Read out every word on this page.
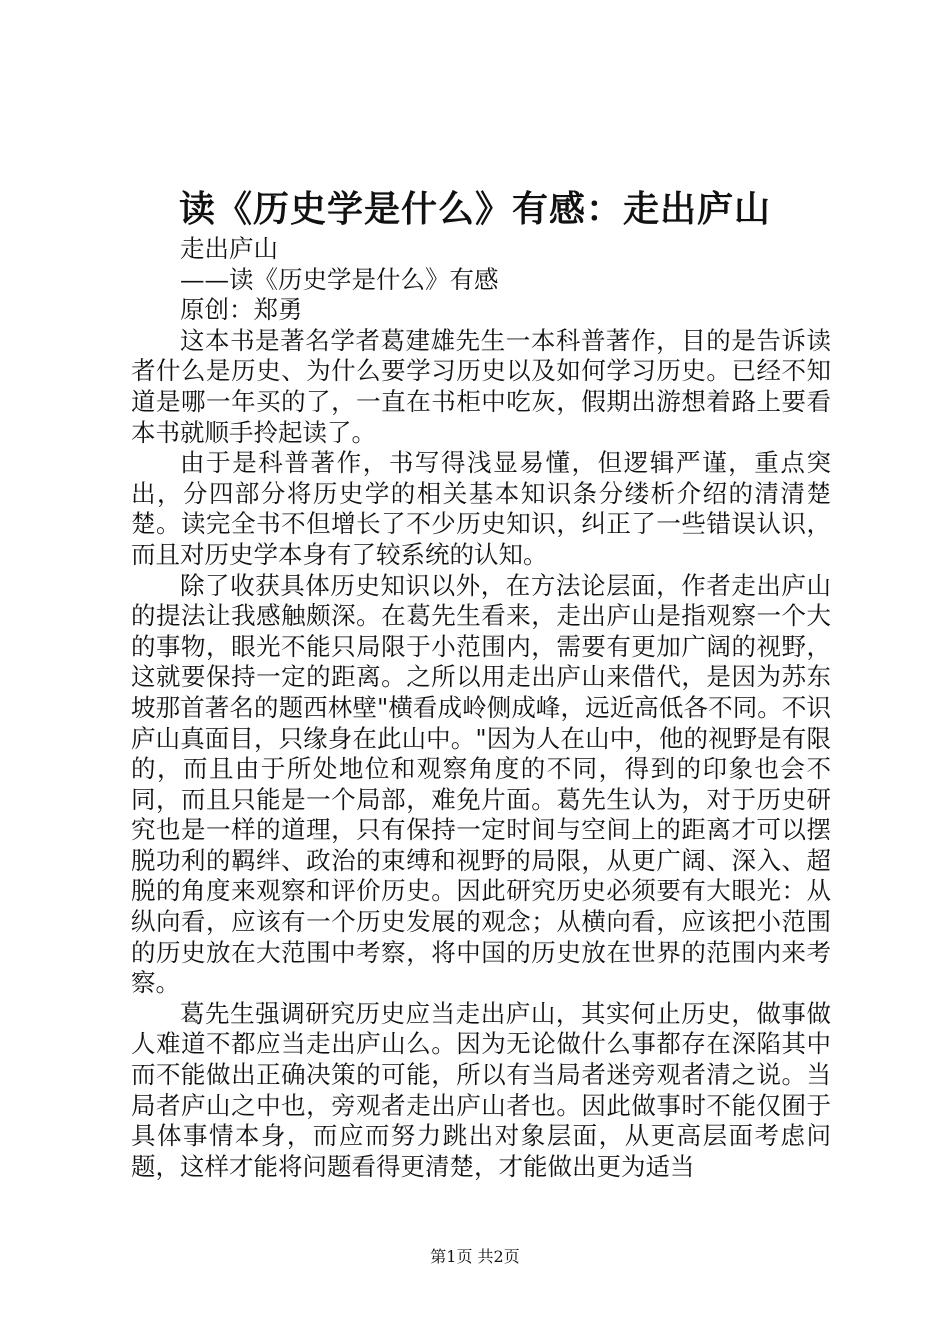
读《历史学是什么》有感：走出庐山

走出庐山

——读《历史学是什么》有感

原创：郑勇

这本书是著名学者葛建雄先生一本科普著作，目的是告诉读者什么是历史、为什么要学习历史以及如何学习历史。已经不知道是哪一年买的了，一直在书柜中吃灰，假期出游想着路上要看本书就顺手拎起读了。

由于是科普著作，书写得浅显易懂，但逻辑严谨，重点突出，分四部分将历史学的相关基本知识条分缕析介绍的清清楚楚。读完全书不但增长了不少历史知识，纠正了一些错误认识，而且对历史学本身有了较系统的认知。

除了收获具体历史知识以外，在方法论层面，作者走出庐山的提法让我感触颇深。在葛先生看来，走出庐山是指观察一个大的事物，眼光不能只局限于小范围内，需要有更加广阔的视野，这就要保持一定的距离。之所以用走出庐山来借代，是因为苏东坡那首著名的题西林壁"横看成岭侧成峰，远近高低各不同。不识庐山真面目，只缘身在此山中。"因为人在山中，他的视野是有限的，而且由于所处地位和观察角度的不同，得到的印象也会不同，而且只能是一个局部，难免片面。葛先生认为，对于历史研究也是一样的道理，只有保持一定时间与空间上的距离才可以摆脱功利的羁绊、政治的束缚和视野的局限，从更广阔、深入、超脱的角度来观察和评价历史。因此研究历史必须要有大眼光：从纵向看，应该有一个历史发展的观念；从横向看，应该把小范围的历史放在大范围中考察，将中国的历史放在世界的范围内来考察。

葛先生强调研究历史应当走出庐山，其实何止历史，做事做人难道不都应当走出庐山么。因为无论做什么事都存在深陷其中而不能做出正确决策的可能，所以有当局者迷旁观者清之说。当局者庐山之中也，旁观者走出庐山者也。因此做事时不能仅囿于具体事情本身，而应而努力跳出对象层面，从更高层面考虑问题，这样才能将问题看得更清楚，才能做出更为适当

第1页 共2页
